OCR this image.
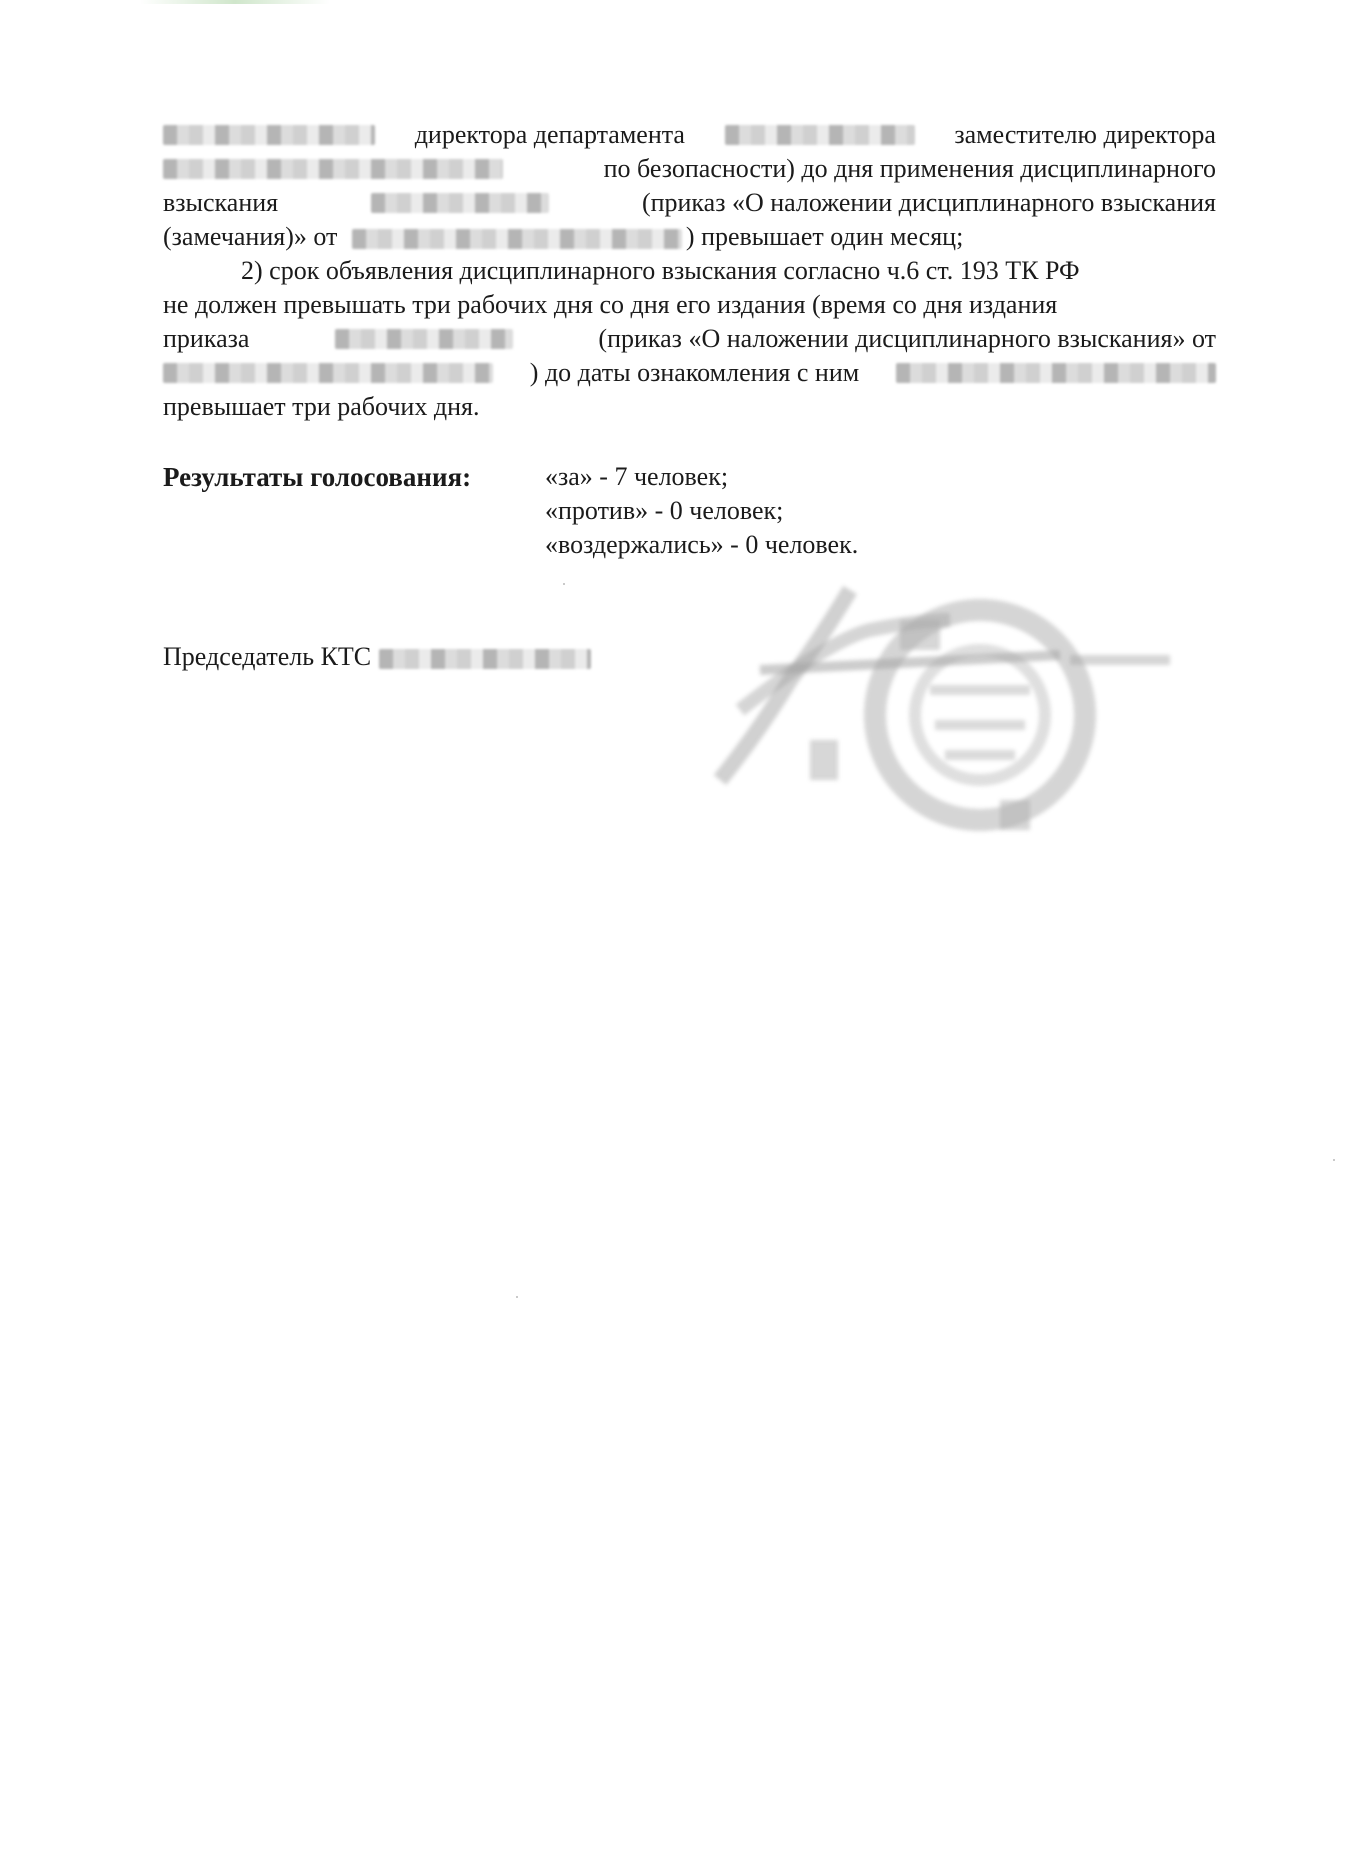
директора департамента	заместителю директора
по безопасности) до дня применения дисциплинарного
взыскания	(приказ «О наложении дисциплинарного взыскания
(замечания)» от	) превышает один месяц;
2) срок объявления дисциплинарного взыскания согласно ч.6 ст. 193 ТК РФ
не должен превышать три рабочих дня со дня его издания (время со дня издания
приказа	(приказ «О наложении дисциплинарного взыскания» от
) до даты ознакомления с ним
превышает три рабочих дня.
Результаты голосования:	«за» - 7 человек;
«против» - 0 человек;
«воздержались» - 0 человек.
Председатель КТС
